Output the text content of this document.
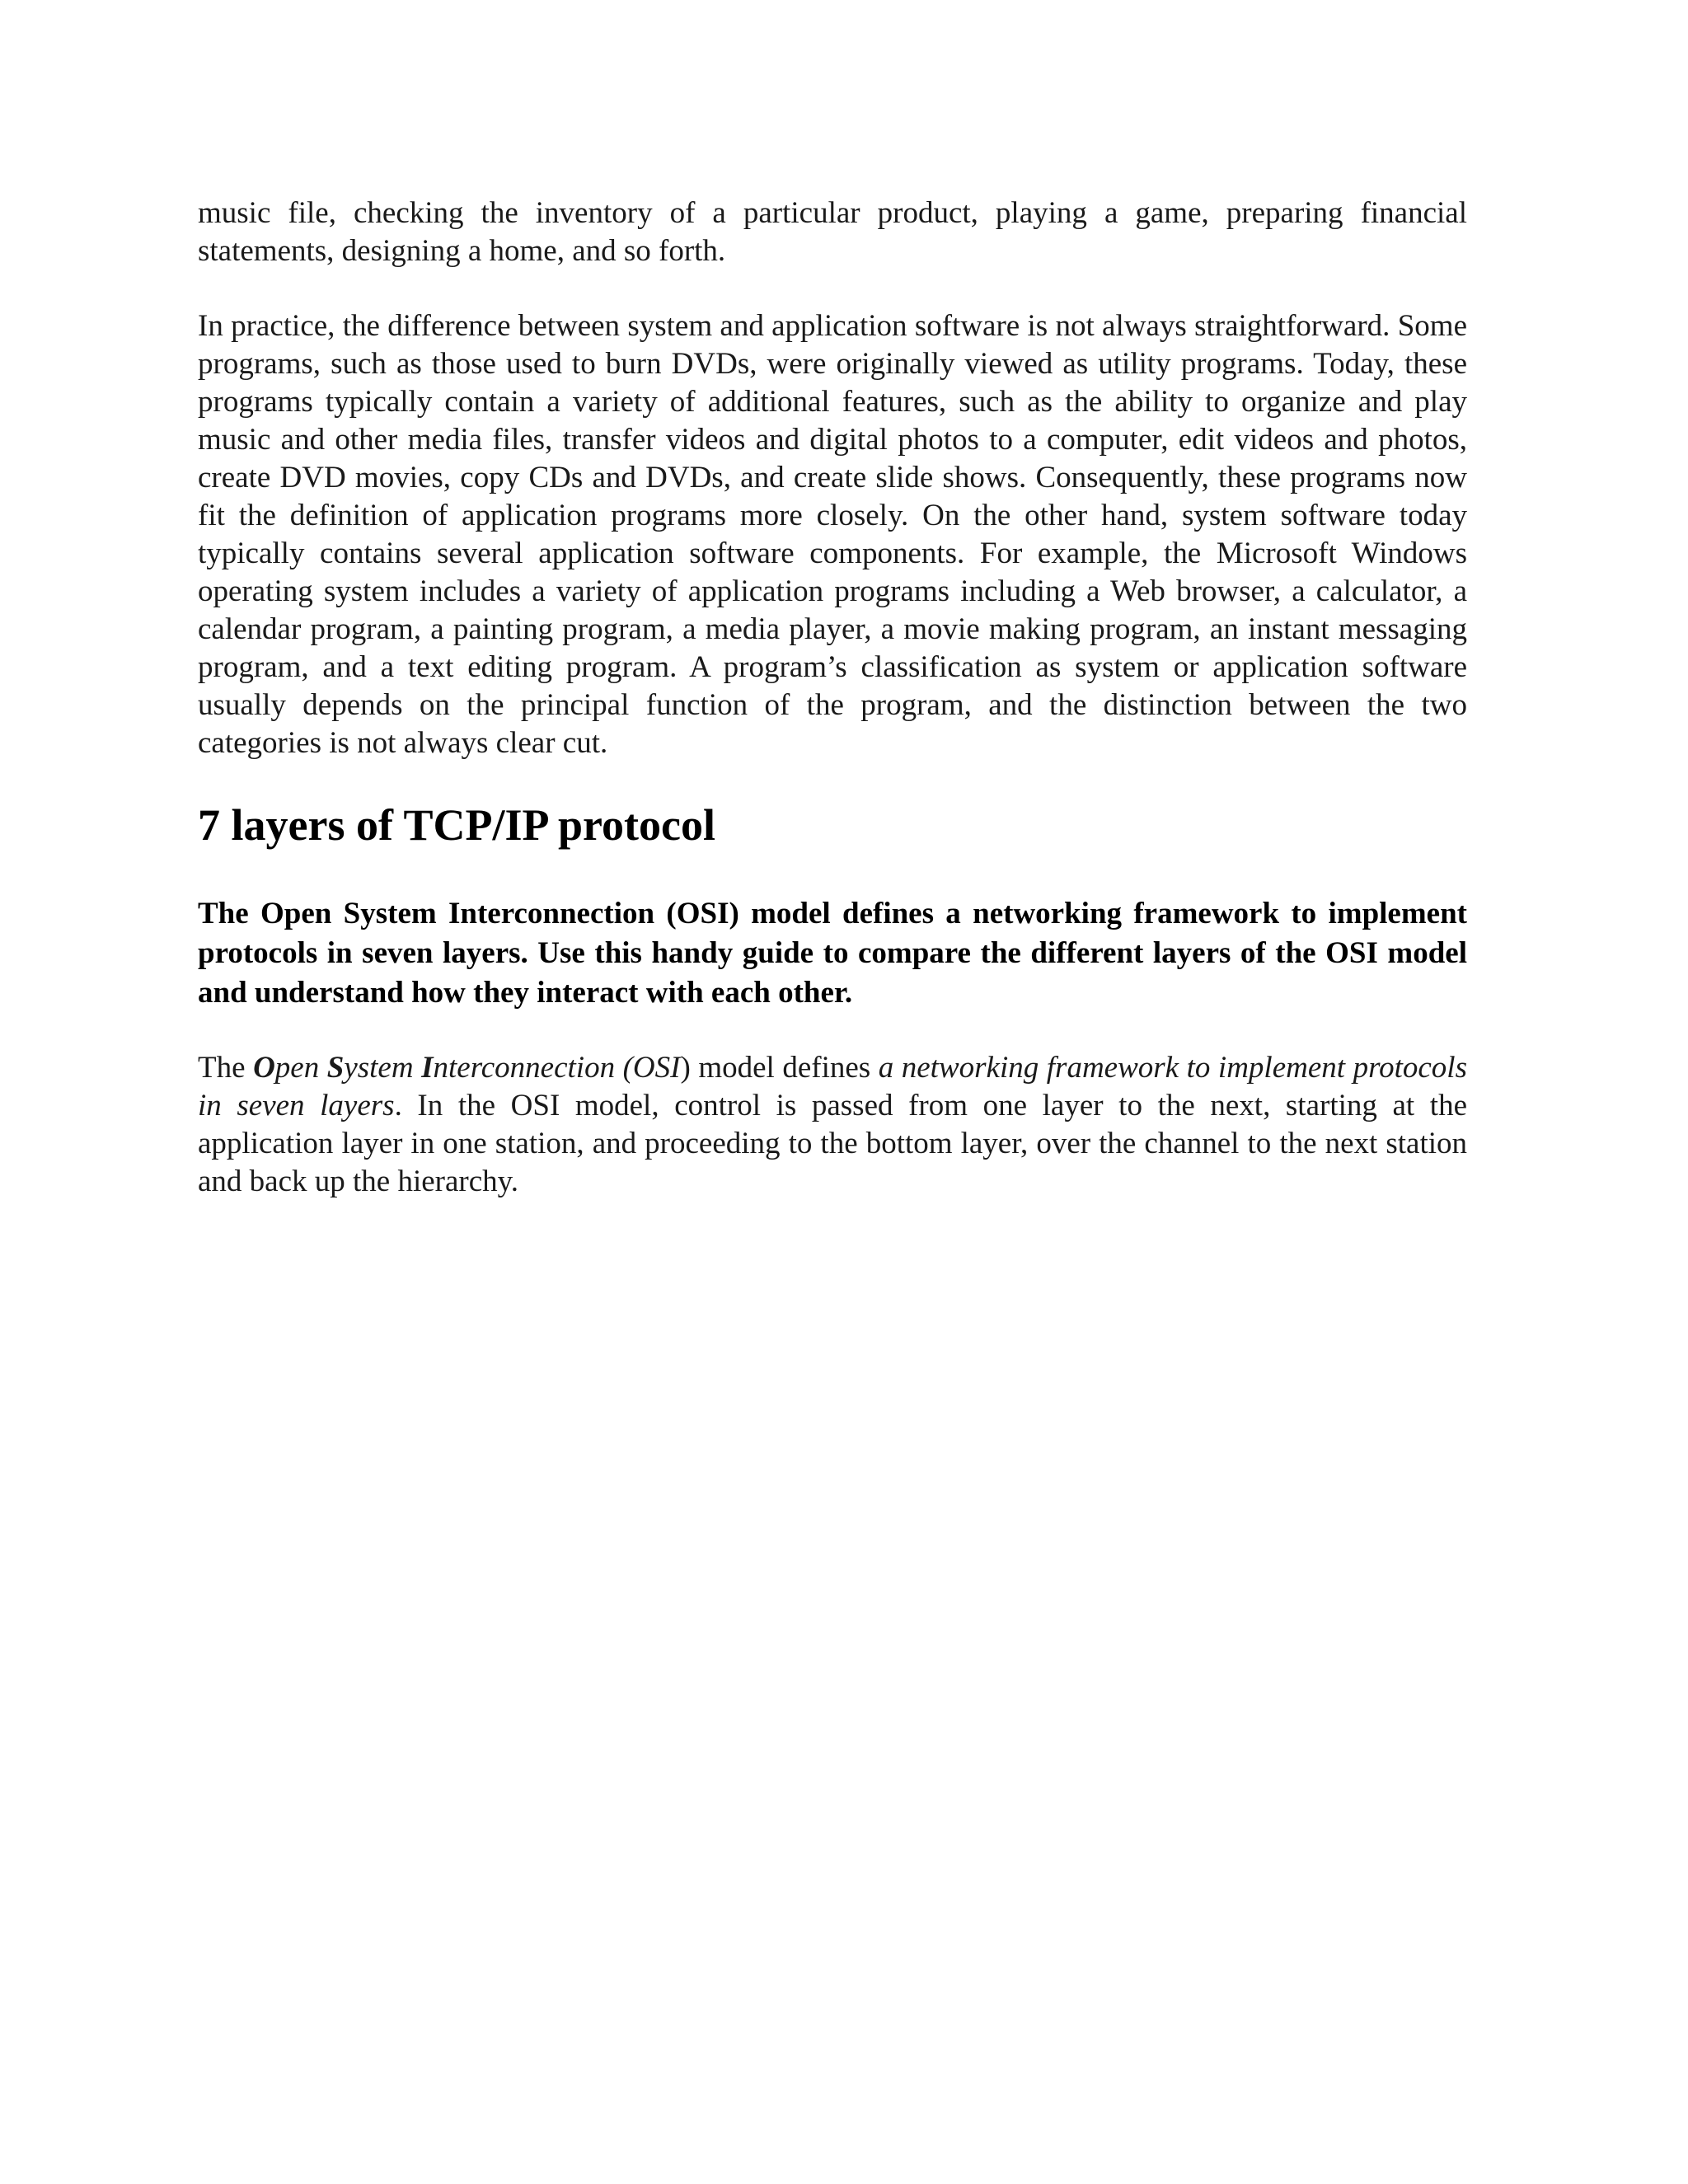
music file, checking the inventory of a particular product, playing a game, preparing financial statements, designing a home, and so forth.

In practice, the difference between system and application software is not always straightforward. Some programs, such as those used to burn DVDs, were originally viewed as utility programs. Today, these programs typically contain a variety of additional features, such as the ability to organize and play music and other media files, transfer videos and digital photos to a computer, edit videos and photos, create DVD movies, copy CDs and DVDs, and create slide shows. Consequently, these programs now fit the definition of application programs more closely. On the other hand, system software today typically contains several application software components. For example, the Microsoft Windows operating system includes a variety of application programs including a Web browser, a calculator, a calendar program, a painting program, a media player, a movie making program, an instant messaging program, and a text editing program. A program’s classification as system or application software usually depends on the principal function of the program, and the distinction between the two categories is not always clear cut.

7 layers of TCP/IP protocol

The Open System Interconnection (OSI) model defines a networking framework to implement protocols in seven layers. Use this handy guide to compare the different layers of the OSI model and understand how they interact with each other.

The Open System Interconnection (OSI) model defines a networking framework to implement protocols in seven layers. In the OSI model, control is passed from one layer to the next, starting at the application layer in one station, and proceeding to the bottom layer, over the channel to the next station and back up the hierarchy.
